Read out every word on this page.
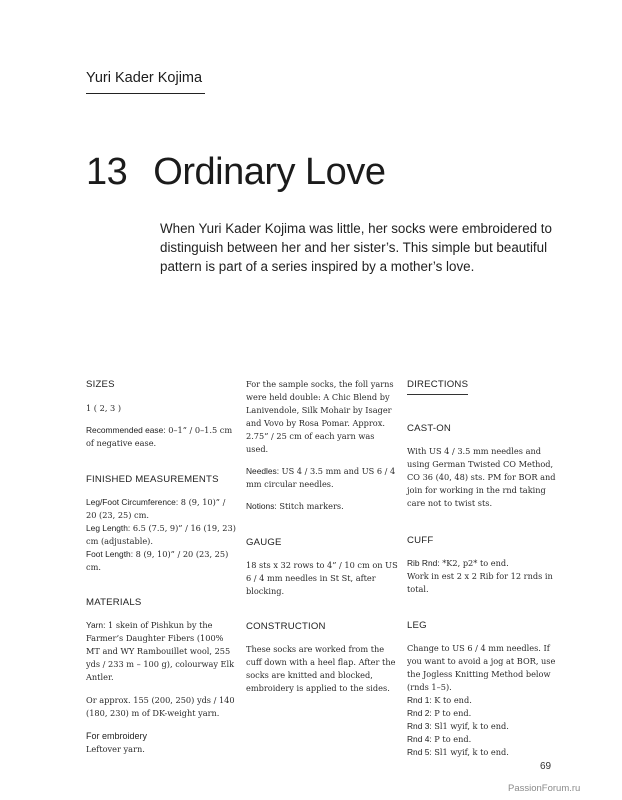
Yuri Kader Kojima
13 Ordinary Love

When Yuri Kader Kojima was little, her socks were embroidered to distinguish between her and her sister’s. This simple but beautiful pattern is part of a series inspired by a mother’s love.

SIZES

1 ( 2, 3 )

Recommended ease: 0–1” / 0–1.5 cm of negative ease.

FINISHED MEASUREMENTS

Leg/Foot Circumference: 8 (9, 10)” / 20 (23, 25) cm.

Leg Length: 6.5 (7.5, 9)” / 16 (19, 23) cm (adjustable).

Foot Length: 8 (9, 10)” / 20 (23, 25) cm.

MATERIALS

Yarn: 1 skein of Pishkun by the Farmer’s Daughter Fibers (100% MT and WY Rambouillet wool, 255 yds / 233 m – 100 g), colourway Elk Antler.

Or approx. 155 (200, 250) yds / 140 (180, 230) m of DK-weight yarn.

For embroidery

Leftover yarn.

For the sample socks, the foll yarns were held double: A Chic Blend by Lanivendole, Silk Mohair by Isager and Vovo by Rosa Pomar. Approx. 2.75” / 25 cm of each yarn was used.

Needles: US 4 / 3.5 mm and US 6 / 4 mm circular needles.

Notions: Stitch markers.

GAUGE

18 sts x 32 rows to 4” / 10 cm on US 6 / 4 mm needles in St St, after blocking.

CONSTRUCTION

These socks are worked from the cuff down with a heel flap. After the socks are knitted and blocked, embroidery is applied to the sides.

DIRECTIONS

CAST-ON

With US 4 / 3.5 mm needles and using German Twisted CO Method, CO 36 (40, 48) sts. PM for BOR and join for working in the rnd taking care not to twist sts.

CUFF

Rib Rnd: *K2, p2* to end.

Work in est 2 x 2 Rib for 12 rnds in total.

LEG

Change to US 6 / 4 mm needles. If you want to avoid a jog at BOR, use the Jogless Knitting Method below (rnds 1–5).

Rnd 1: K to end.

Rnd 2: P to end.

Rnd 3: Sl1 wyif, k to end.

Rnd 4: P to end.

Rnd 5: Sl1 wyif, k to end.

69
PassionForum.ru
